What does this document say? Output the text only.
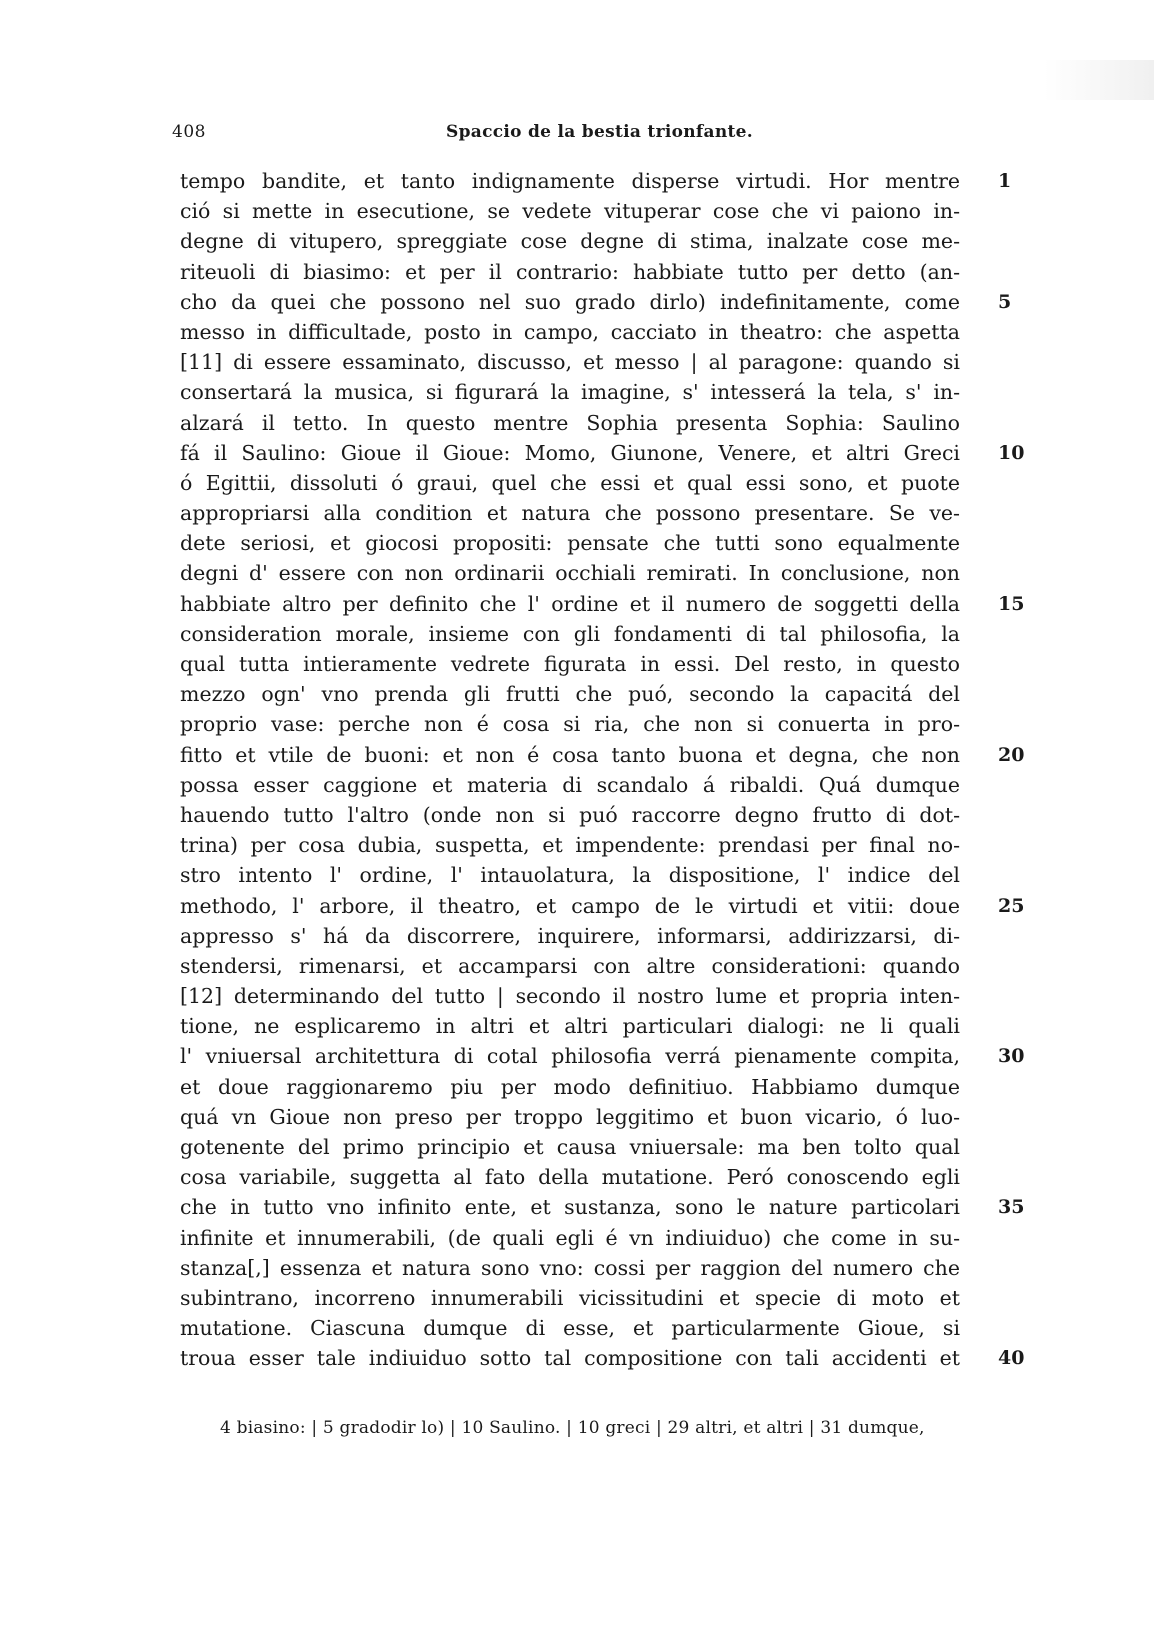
408	Spaccio de la bestia trionfante.
tempo bandite, et tanto indignamente disperse virtudi. Hor mentre 1
ció si mette in esecutione, se vedete vituperar cose che vi paiono in-
degne di vitupero, spreggiate cose degne di stima, inalzate cose me-
riteuoli di biasimo: et per il contrario: habbiate tutto per detto (an-
cho da quei che possono nel suo grado dirlo) indefinitamente, come 5
messo in difficultade, posto in campo, cacciato in theatro: che aspetta
[11] di essere essaminato, discusso, et messo | al paragone: quando si
consertará la musica, si figurará la imagine, s' intesserá la tela, s' in-
alzará il tetto. In questo mentre Sophia presenta Sophia: Saulino
fá il Saulino: Gioue il Gioue: Momo, Giunone, Venere, et altri Greci 10
ó Egittii, dissoluti ó graui, quel che essi et qual essi sono, et puote
appropriarsi alla condition et natura che possono presentare. Se ve-
dete seriosi, et giocosi propositi: pensate che tutti sono equalmente
degni d' essere con non ordinarii occhiali remirati. In conclusione, non
habbiate altro per definito che l' ordine et il numero de soggetti della 15
consideration morale, insieme con gli fondamenti di tal philosofia, la
qual tutta intieramente vedrete figurata in essi. Del resto, in questo
mezzo ogn' vno prenda gli frutti che puó, secondo la capacitá del
proprio vase: perche non é cosa si ria, che non si conuerta in pro-
fitto et vtile de buoni: et non é cosa tanto buona et degna, che non 20
possa esser caggione et materia di scandalo á ribaldi. Quá dumque
hauendo tutto l'altro (onde non si puó raccorre degno frutto di dot-
trina) per cosa dubia, suspetta, et impendente: prendasi per final no-
stro intento l' ordine, l' intauolatura, la dispositione, l' indice del
methodo, l' arbore, il theatro, et campo de le virtudi et vitii: doue 25
appresso s' há da discorrere, inquirere, informarsi, addirizzarsi, di-
stendersi, rimenarsi, et accamparsi con altre considerationi: quando
[12] determinando del tutto | secondo il nostro lume et propria inten-
tione, ne esplicaremo in altri et altri particulari dialogi: ne li quali
l' vniuersal architettura di cotal philosofia verrá pienamente compita, 30
et doue raggionaremo piu per modo definitiuo. Habbiamo dumque
quá vn Gioue non preso per troppo leggitimo et buon vicario, ó luo-
gotenente del primo principio et causa vniuersale: ma ben tolto qual
cosa variabile, suggetta al fato della mutatione. Peró conoscendo egli
che in tutto vno infinito ente, et sustanza, sono le nature particolari 35
infinite et innumerabili, (de quali egli é vn indiuiduo) che come in su-
stanza[,] essenza et natura sono vno: cossi per raggion del numero che
subintrano, incorreno innumerabili vicissitudini et specie di moto et
mutatione. Ciascuna dumque di esse, et particularmente Gioue, si
troua esser tale indiuiduo sotto tal compositione con tali accidenti et 40
4 biasino: | 5 gradodir lo) | 10 Saulino. | 10 greci | 29 altri, et altri | 31 dumque,
